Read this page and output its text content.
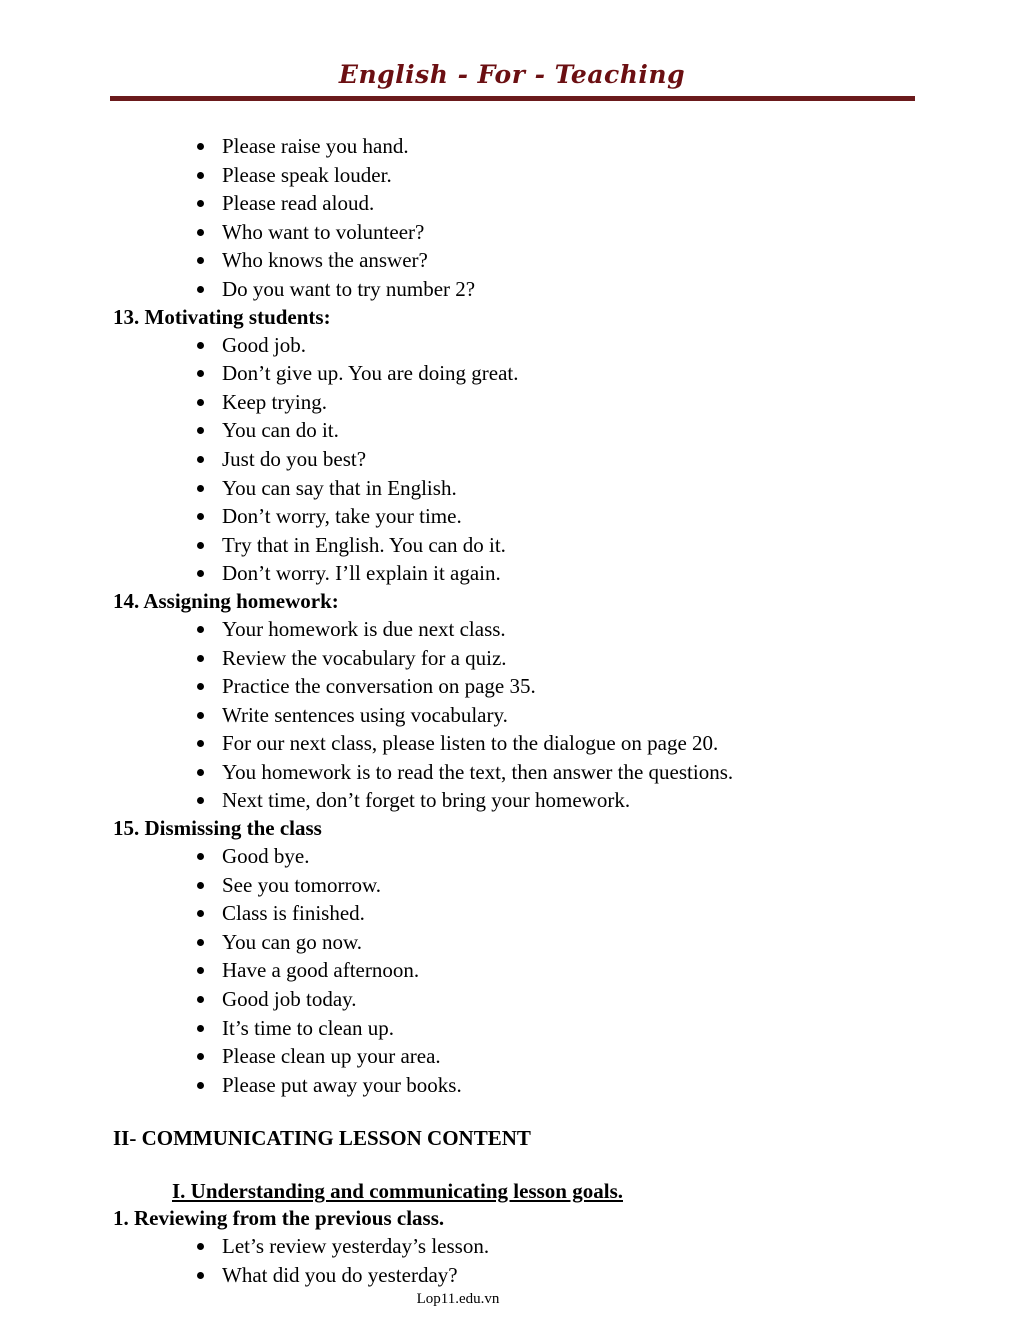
English - For - Teaching
Please raise you hand.
Please speak louder.
Please read aloud.
Who want to volunteer?
Who knows the answer?
Do you want to try number 2?
13. Motivating students:
Good job.
Don’t give up. You are doing great.
Keep trying.
You can do it.
Just do you best?
You can say that in English.
Don’t worry, take your time.
Try that in English. You can do it.
Don’t worry. I’ll explain it again.
14. Assigning homework:
Your homework is due next class.
Review the vocabulary for a quiz.
Practice the conversation on page 35.
Write sentences using vocabulary.
For our next class, please listen to the dialogue on page 20.
You homework is to read the text, then answer the questions.
Next time, don’t forget to bring your homework.
15. Dismissing the class
Good bye.
See you tomorrow.
Class is finished.
You can go now.
Have a good afternoon.
Good job today.
It’s time to clean up.
Please clean up your area.
Please put away your books.
II- COMMUNICATING LESSON CONTENT
I. Understanding and communicating lesson goals.
1. Reviewing from the previous class.
Let’s review yesterday’s lesson.
What did you do yesterday?
Lop11.edu.vn
